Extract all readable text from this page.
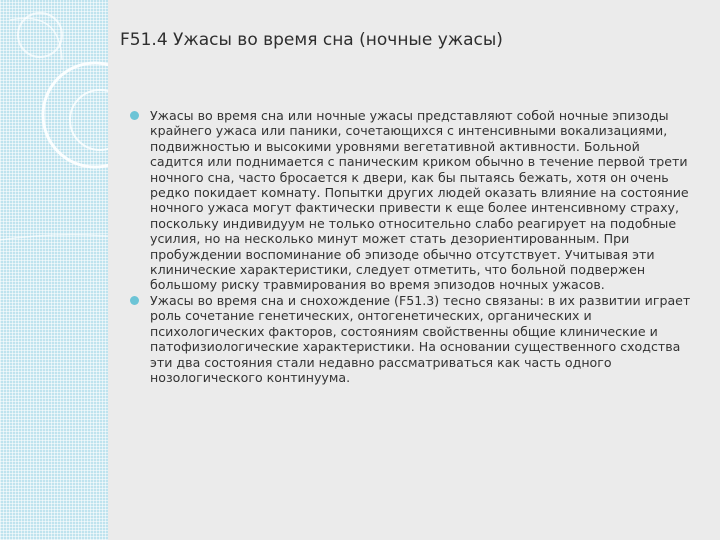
F51.4 Ужасы во время сна (ночные ужасы)
Ужасы во время сна или ночные ужасы представляют собой ночные эпизоды крайнего ужаса или паники, сочетающихся с интенсивными вокализациями, подвижностью и высокими уровнями вегетативной активности. Больной садится или поднимается с паническим криком обычно в течение первой трети ночного сна, часто бросается к двери, как бы пытаясь бежать, хотя он очень редко покидает комнату. Попытки других людей оказать влияние на состояние ночного ужаса могут фактически привести к еще более интенсивному страху, поскольку индивидуум не только относительно слабо реагирует на подобные усилия, но на несколько минут может стать дезориентированным. При пробуждении воспоминание об эпизоде обычно отсутствует. Учитывая эти клинические характеристики, следует отметить, что больной подвержен большому риску травмирования во время эпизодов ночных ужасов.
Ужасы во время сна и снохождение (F51.3) тесно связаны: в их развитии играет роль сочетание генетических, онтогенетических, органических и психологических факторов, состояниям свойственны общие клинические и патофизиологические характеристики. На основании существенного сходства эти два состояния стали недавно рассматриваться как часть одного нозологического континуума.
